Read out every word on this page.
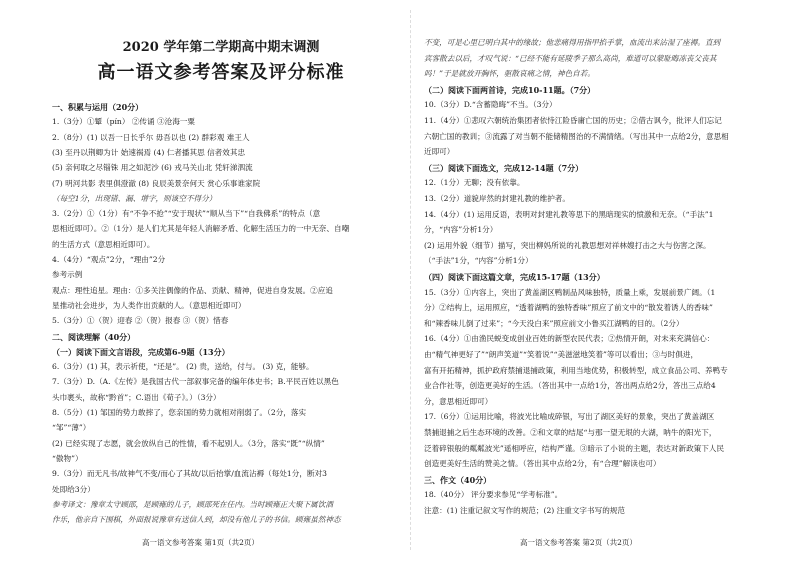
2020 学年第二学期高中期末调测
高一语文参考答案及评分标准
一、积累与运用（20分）
1.（3分）①颦（pín） ②传诵 ③沧海一粟
2.（8分）(1) 以吾一日长乎尔 毋吾以也 (2) 群彩观 难王人
(3) 至丹以荆卿为计 始速祸焉 (4) 仁者播其思 信者效其忠
(5) 亲何取之尽锱铢 用之如泥沙 (6) 戎马关山北 凭轩涕泗流
(7) 明河共影 表里俱澄澈 (8) 良辰美景奈何天 赏心乐事谁家院
（每空1分，出现错、漏、增字，则该空不得分）
3.（2分）①（1分）有“不争不抢”“安于现状”“顺从当下”“自我佛系”的特点（意
思相近即可）。②（1分）是人们尤其是年轻人消解矛盾、化解生活压力的一中无奈、自嘲
的生活方式（意思相近即可）。
4.（4分）“观点”2分，“理由”2分
参考示例
观点：理性追星。理由：①多关注偶像的作品、贡献、精神，促进自身发展。②应追
星推动社会进步，为人类作出贡献的人。（意思相近即可）
5.（3分）①（贺）迎春 ②（贺）报春 ③（贺）惜春
二、阅读理解（40分）
（一）阅读下面文言语段，完成第6-9题（13分）
6.（3分）(1) 其，表示祈使，“还是”。 (2) 贵，送给，付与。 (3) 克，能够。
7.（3分）D.（A.《左传》是我国古代一部叙事完备的编年体史书；B.平民百姓以黑色
头巾裹头，故称“黔首”；C.语出《荀子》。）（3分）
8.（5分）(1) 邹国的势力敢摔了，您亲国的势力就相对削弱了。（2分，落实
“邹”“薄”）
(2) 已经实现了志愿，就会放纵自己的性情，看不起别人。（3分，落实“既”“纵情”
“傲物”）
9.（3分）而无凡书/故神气不变/而心了其故/以后抬掌/血流沾褥（每处1分，断对3
处即给3分）
参考译文：豫章太守顾邵，是顾雍的儿子，顾邵死在任内。当时顾雍正大聚下属饮酒
作乐，他亲自下围棋，外面报说豫章有送信人到，却没有他儿子的书信。顾雍虽然神态
高一语文参考答案 第1页（共2页）
不变，可是心里已明白其中的缘故；他悲痛得用指甲掐手掌，血流出来沾湿了座褥。直到
宾客散去以后，才叹气说：“已经不能有延陵季子那么高尚，难道可以蒙耻晦冻丧父丧其
吗！”于是就放开胸怀，驱散哀痛之情，神色自若。
（二）阅读下面两首诗，完成10-11题。（7分）
10.（3分）D.“含蓄隐晦”不当。（3分）
11.（4分）①悲叹六朝统治集团者依恃江险昏庸亡国的历史；②借古讽今，批评人们忘记
六朝亡国的教训；③流露了对当朝不能储精图治的不满情绪。（写出其中一点给2分，意思相
近即可）
（三）阅读下面选文，完成12-14题（7分）
12.（1分）无聊；没有依靠。
13.（2分）道貌岸然的封建礼教的维护者。
14.（4分）(1) 运用反语，表明对封建礼教等思下的黑暗现实的愤激和无奈。（“手法”1
分，“内容”分析1分）
(2) 运用外貌（细节）描写，突出柳妈所说的礼教思想对祥林嫂打击之大与伤害之深。
（“手法”1分，“内容”分析1分）
（四）阅读下面这篇文章，完成15-17题（13分）
15.（3分）①内容上，突出了黄盖湖区鸭制品风味独特，质量上乘，发展前景广阔。（1
分）②结构上，运用照应，“透着湖鸭的独特香味”照应了前文中的“散发着诱人的香味”
和“辣香味儿倒了过来”；“今天没白来”照应前文小鲁买江湖鸭的目的。（2分）
16.（4分）①由渔民蜕变成创业百姓的新型农民代表；②热情开朗，对未来充满信心：
由“精气神更好了”“朗声笑道”“笑着说”“美滋滋地笑着”等可以看出；③与时俱进，
富有开拓精神，抓护政府禁捕退捕政策，利用当地优势，积极转型，成立食品公司、养鸭专
业合作社等，创造更美好的生活。（答出其中一点给1分，答出两点给2分，答出三点给4
分，意思相近即可）
17.（6分）①运用比喻，将波光比喻成碎银，写出了湖区美好的景象，突出了黄盖湖区
禁捕退捕之后生态环境的改善。②和文章的结尾“与那一望无垠的大湖，呐牛的阳光下，
泛着碎银般的粼粼波光”遥相呼应，结构严谨。③暗示了小说的主题，表达对新政策下人民
创造更美好生活的赞美之情。（答出其中点给2分，有“合理”解读也可）
三、作文（40分）
18.（40分） 评分要求参见“学考标准”。
注意：(1) 注重记叙文写作的规范；(2) 注重文字书写的规范
高一语文参考答案 第2页（共2页）
